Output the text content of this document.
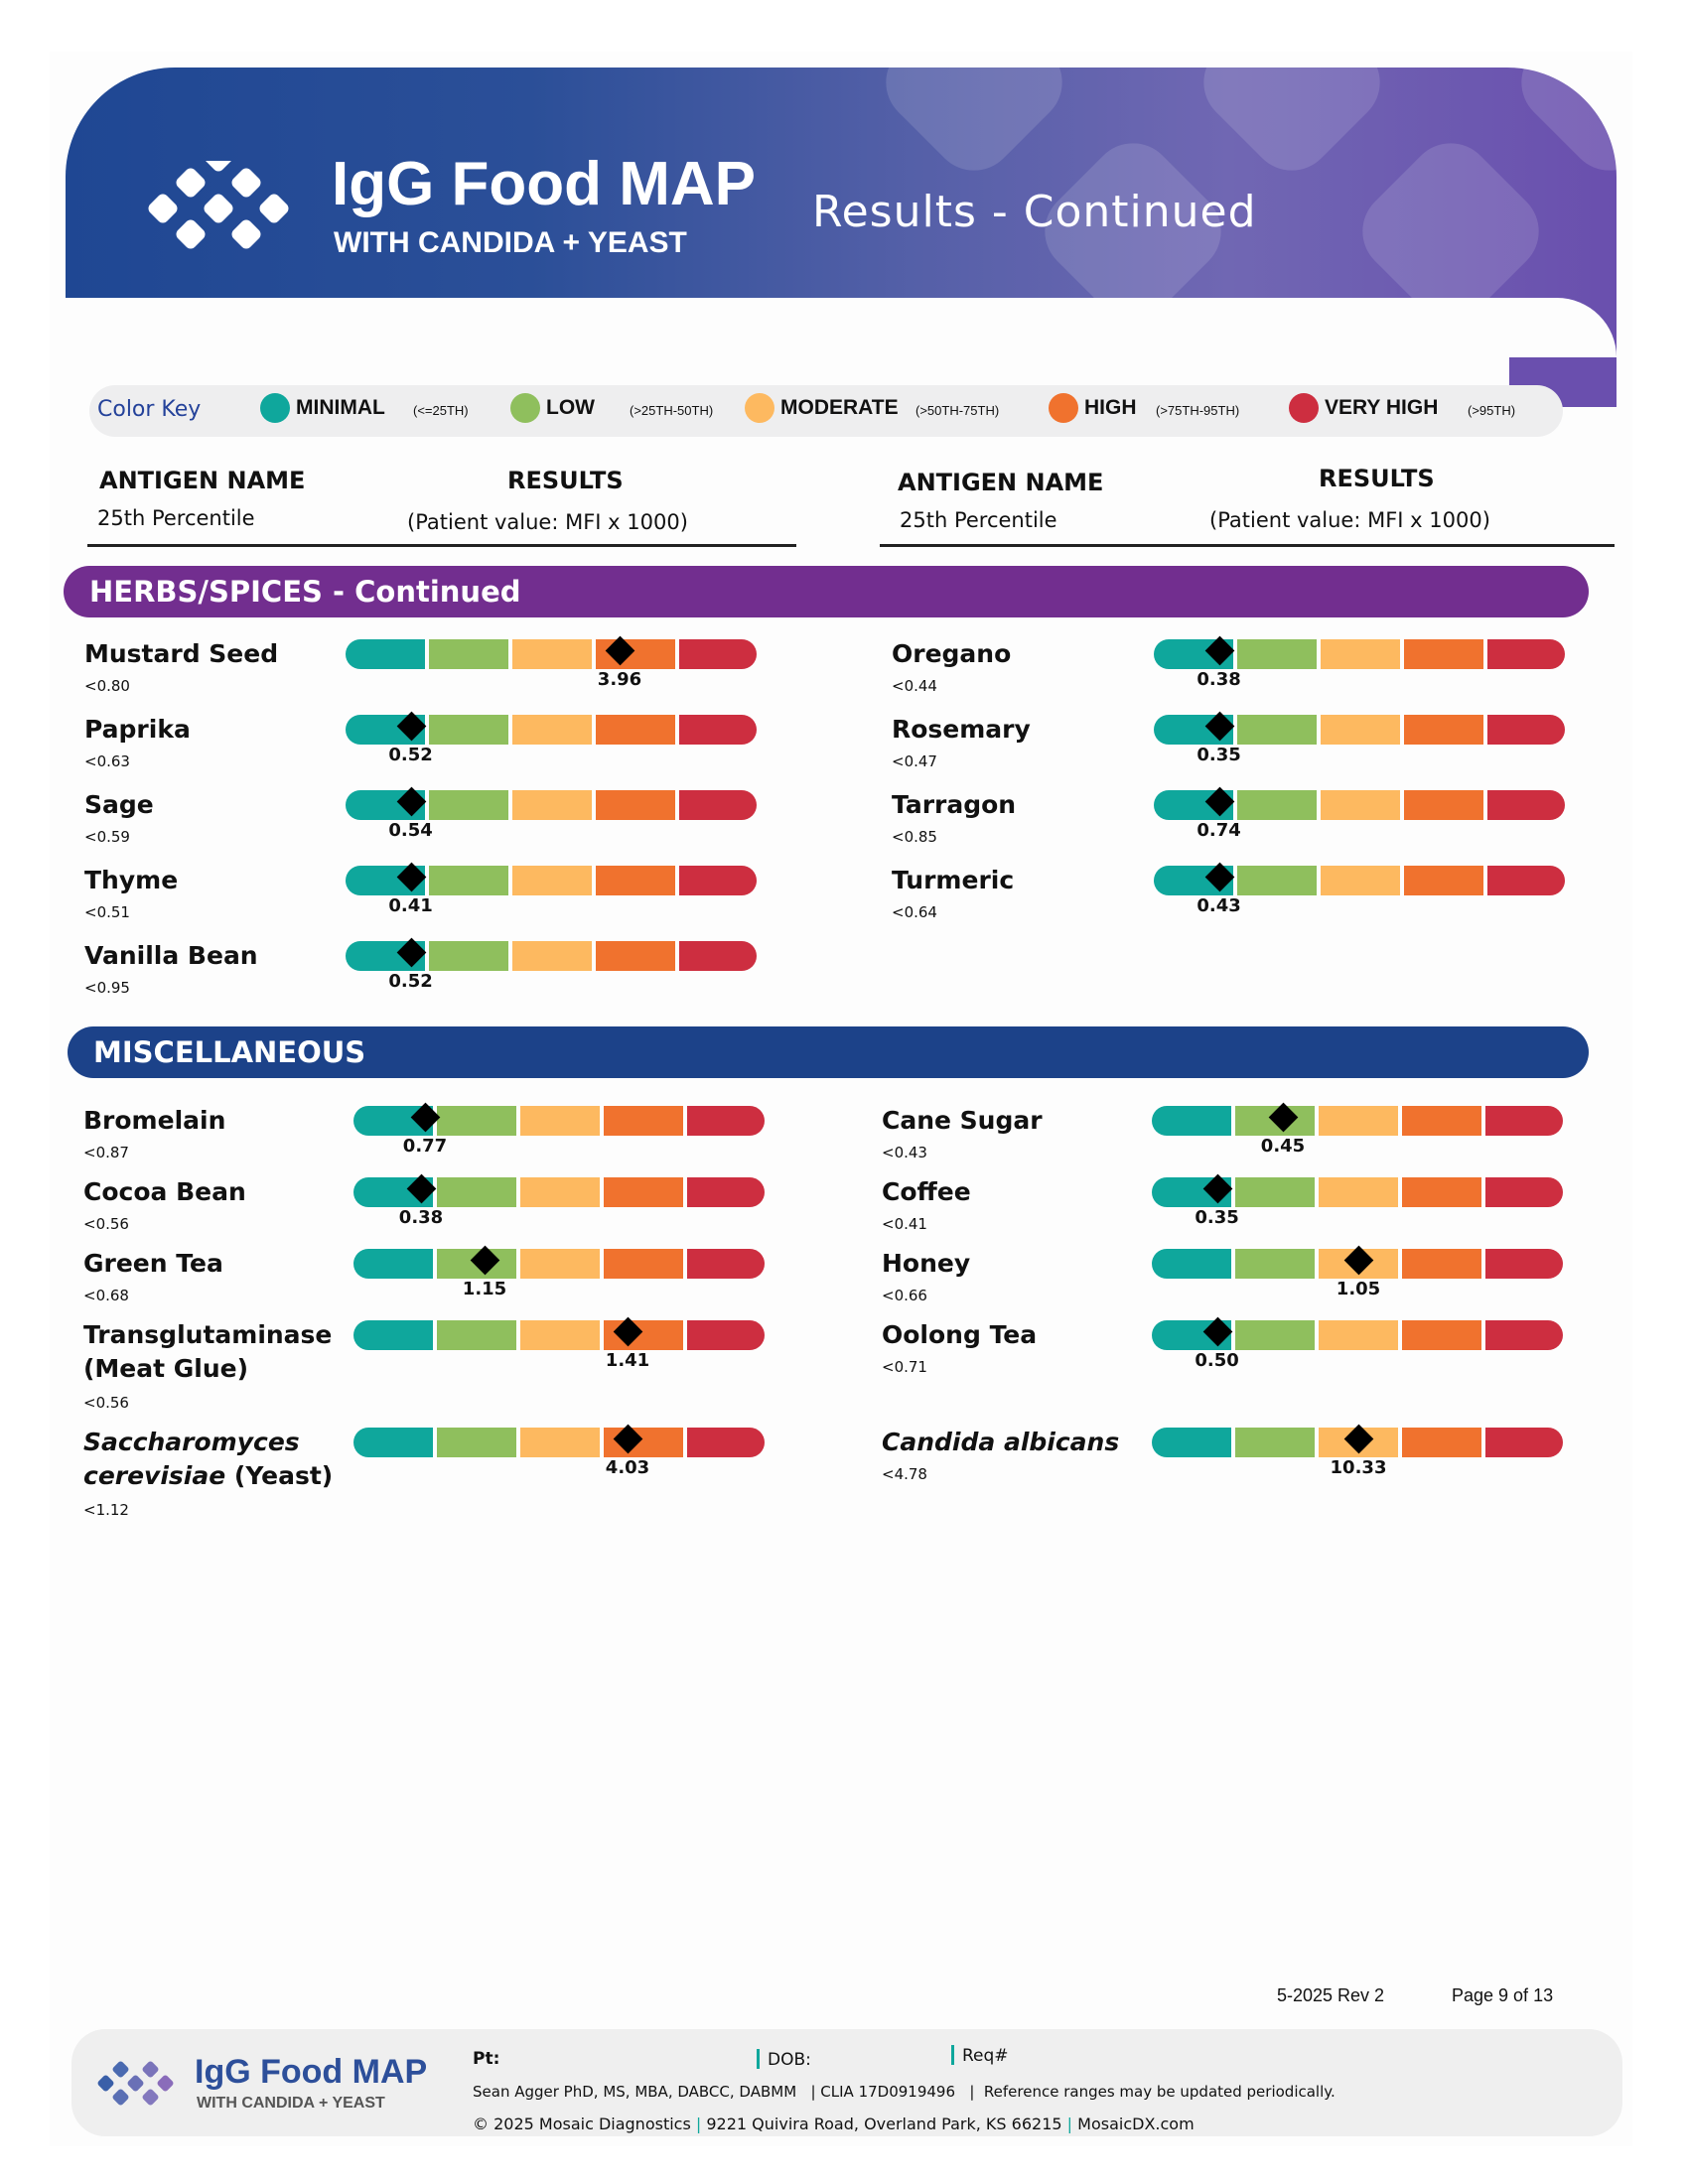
IgG Food MAP
WITH CANDIDA + YEAST
Results - Continued
Color Key	MINIMAL (<=25TH)	LOW	(>25TH-50TH)	MODERATE (>50TH-75TH)	HIGH (>75TH-95TH)	VERY HIGH (>95TH)
ANTIGEN NAME
25th Percentile
RESULTS
(Patient value: MFI x 1000)
ANTIGEN NAME
25th Percentile
RESULTS
(Patient value: MFI x 1000)
HERBS/SPICES - Continued
Mustard Seed
<0.80	3.96
Paprika
<0.63	0.52
Sage
<0.59	0.54
Thyme
<0.51	0.41
Vanilla Bean
<0.95	0.52
Oregano
<0.44	0.38
Rosemary
<0.47	0.35
Tarragon
<0.85	0.74
Turmeric
<0.64	0.43
MISCELLANEOUS
Bromelain
<0.87	0.77
Cocoa Bean
<0.56	0.38
Green Tea
<0.68	1.15
Transglutaminase
(Meat Glue)
<0.56
1.41
Saccharomyces
cerevisiae (Yeast)
<1.12
4.03
Cane Sugar
<0.43	0.45
Coffee
<0.41	0.35
Honey
<0.66	1.05
Oolong Tea
<0.71	0.50
Candida albicans
<4.78	10.33
5-2025 Rev 2	Page 9 of 13
IgG Food MAP
WITH CANDIDA + YEAST
Pt:	DOB:	Req#
Sean Agger PhD, MS, MBA, DABCC, DABMM   | CLIA 17D0919496   |  Reference ranges may be updated periodically.
© 2025 Mosaic Diagnostics | 9221 Quivira Road, Overland Park, KS 66215 | MosaicDX.com
